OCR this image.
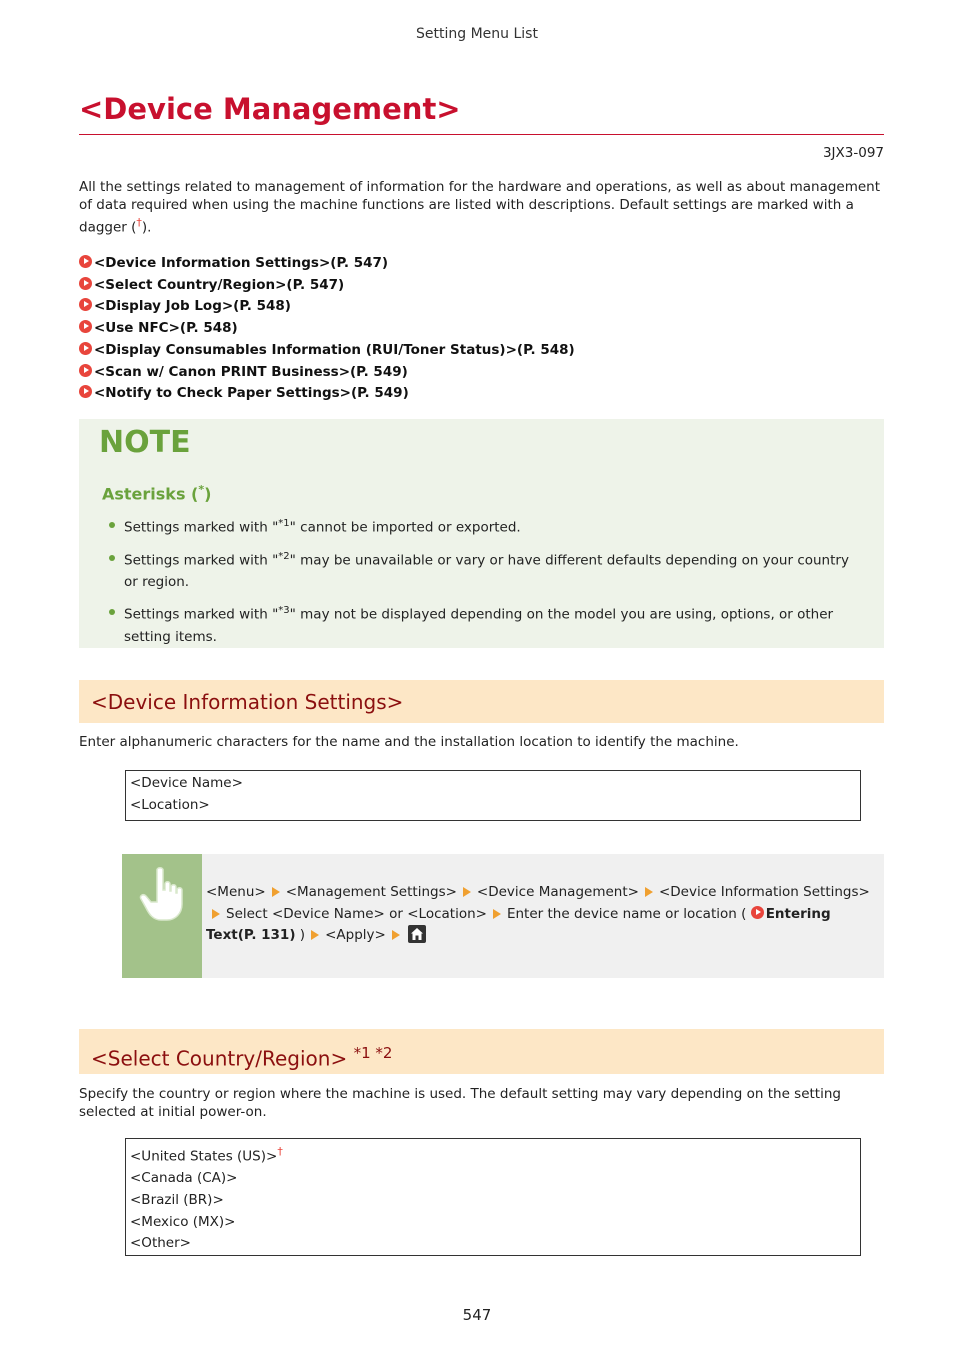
Setting Menu List
<Device Management>
3JX3-097

All the settings related to management of information for the hardware and operations, as well as about management of data required when using the machine functions are listed with descriptions. Default settings are marked with a dagger (†).

<Device Information Settings>(P. 547)
<Select Country/Region>(P. 547)
<Display Job Log>(P. 548)
<Use NFC>(P. 548)
<Display Consumables Information (RUI/Toner Status)>(P. 548)
<Scan w/ Canon PRINT Business>(P. 549)
<Notify to Check Paper Settings>(P. 549)
NOTE
Asterisks (*)
Settings marked with "$^{*1}$" cannot be imported or exported.
Settings marked with "$^{*2}$" may be unavailable or vary or have different defaults depending on your country or region.
Settings marked with "$^{*3}$" may not be displayed depending on the model you are using, options, or other setting items.
<Device Information Settings>

Enter alphanumeric characters for the name and the installation location to identify the machine.

<Device Name>
<Location>

<Menu> <Management Settings> <Device Management> <Device Information Settings>Select <Device Name> or <Location> Enter the device name or location ( Entering Text(P. 131) ) <Apply>

<Select Country/Region> $^{*1 *2}$

Specify the country or region where the machine is used. The default setting may vary depending on the setting selected at initial power-on.

<United States (US)>†
<Canada (CA)>
<Brazil (BR)>
<Mexico (MX)>
<Other>
547
